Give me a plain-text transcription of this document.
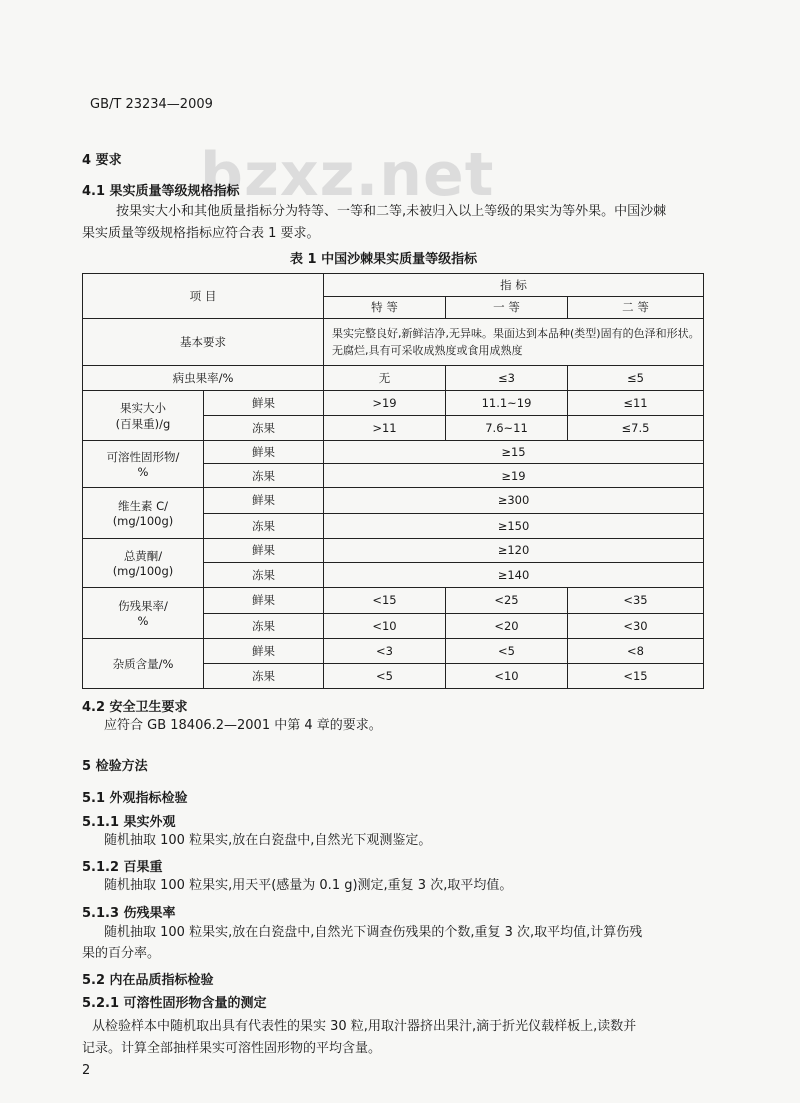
GB/T 23234—2009
bzxz.net
4 要求
4.1 果实质量等级规格指标
按果实大小和其他质量指标分为特等、一等和二等,未被归入以上等级的果实为等外果。中国沙棘
果实质量等级规格指标应符合表 1 要求。
表 1 中国沙棘果实质量等级指标
项 目		指 标		
		特 等	一 等	二 等
基本要求		果实完整良好,新鲜洁净,无异味。果面达到本品种(类型)固有的色泽和形状。无腐烂,具有可采收成熟度或食用成熟度		
病虫果率/%		无	≤3	≤5
果实大小
(百果重)/g	鲜果	>19	11.1~19	≤11
	冻果	>11	7.6~11	≤7.5
可溶性固形物/
%	鲜果	≥15		
	冻果	≥19		
维生素 C/
(mg/100g)	鲜果	≥300		
	冻果	≥150		
总黄酮/
(mg/100g)	鲜果	≥120		
	冻果	≥140		
伤残果率/
%	鲜果	<15	<25	<35
	冻果	<10	<20	<30
杂质含量/%	鲜果	<3	<5	<8
	冻果	<5	<10	<15
4.2 安全卫生要求
应符合 GB 18406.2—2001 中第 4 章的要求。
5 检验方法
5.1 外观指标检验
5.1.1 果实外观
随机抽取 100 粒果实,放在白瓷盘中,自然光下观测鉴定。
5.1.2 百果重
随机抽取 100 粒果实,用天平(感量为 0.1 g)测定,重复 3 次,取平均值。
5.1.3 伤残果率
随机抽取 100 粒果实,放在白瓷盘中,自然光下调查伤残果的个数,重复 3 次,取平均值,计算伤残
果的百分率。
5.2 内在品质指标检验
5.2.1 可溶性固形物含量的测定
从检验样本中随机取出具有代表性的果实 30 粒,用取汁器挤出果汁,滴于折光仪载样板上,读数并
记录。计算全部抽样果实可溶性固形物的平均含量。
2
